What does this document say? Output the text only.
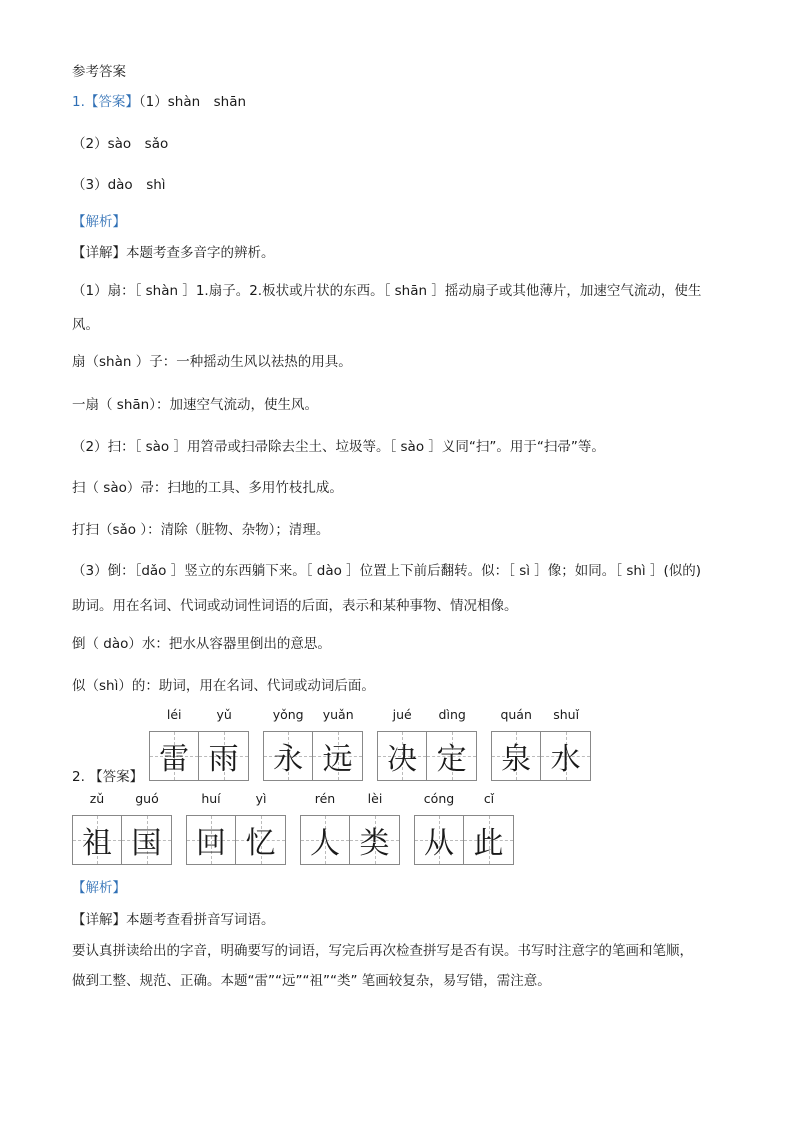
参考答案
1.【答案】（1）shàn　shān
（2）sào　sǎo
（3）dào　shì
【解析】
【详解】本题考查多音字的辨析。
（1）扇：［ shàn ］1.扇子。2.板状或片状的东西。［ shān ］摇动扇子或其他薄片，加速空气流动，使生
风。
扇（shàn ）子：一种摇动生风以祛热的用具。
一扇（ shān）：加速空气流动，使生风。
（2）扫：［ sào ］用笤帚或扫帚除去尘土、垃圾等。［ sào ］义同“扫”。用于“扫帚”等。
扫（ sào）帚：扫地的工具、多用竹枝扎成。
打扫（sǎo ）：清除（脏物、杂物）；清理。
（3）倒：［dǎo ］竖立的东西躺下来。［ dào ］位置上下前后翻转。似：［ sì ］像；如同。［ shì ］(似的)
助词。用在名词、代词或动词性词语的后面，表示和某种事物、情况相像。
倒（ dào）水：把水从容器里倒出的意思。
似（shì）的：助词，用在名词、代词或动词后面。
2. 【答案】
léi	yǔ
雷 雨
yǒng	yuǎn
永 远
jué	dìng
决 定
quán	shuǐ
泉 水
zǔ	guó
祖 国
huí	yì
回 忆
rén	lèi
人 类
cóng	cǐ
从 此
【解析】
【详解】本题考查看拼音写词语。
要认真拼读给出的字音，明确要写的词语，写完后再次检查拼写是否有误。书写时注意字的笔画和笔顺，
做到工整、规范、正确。本题“雷”“远”“祖”“类” 笔画较复杂，易写错，需注意。
